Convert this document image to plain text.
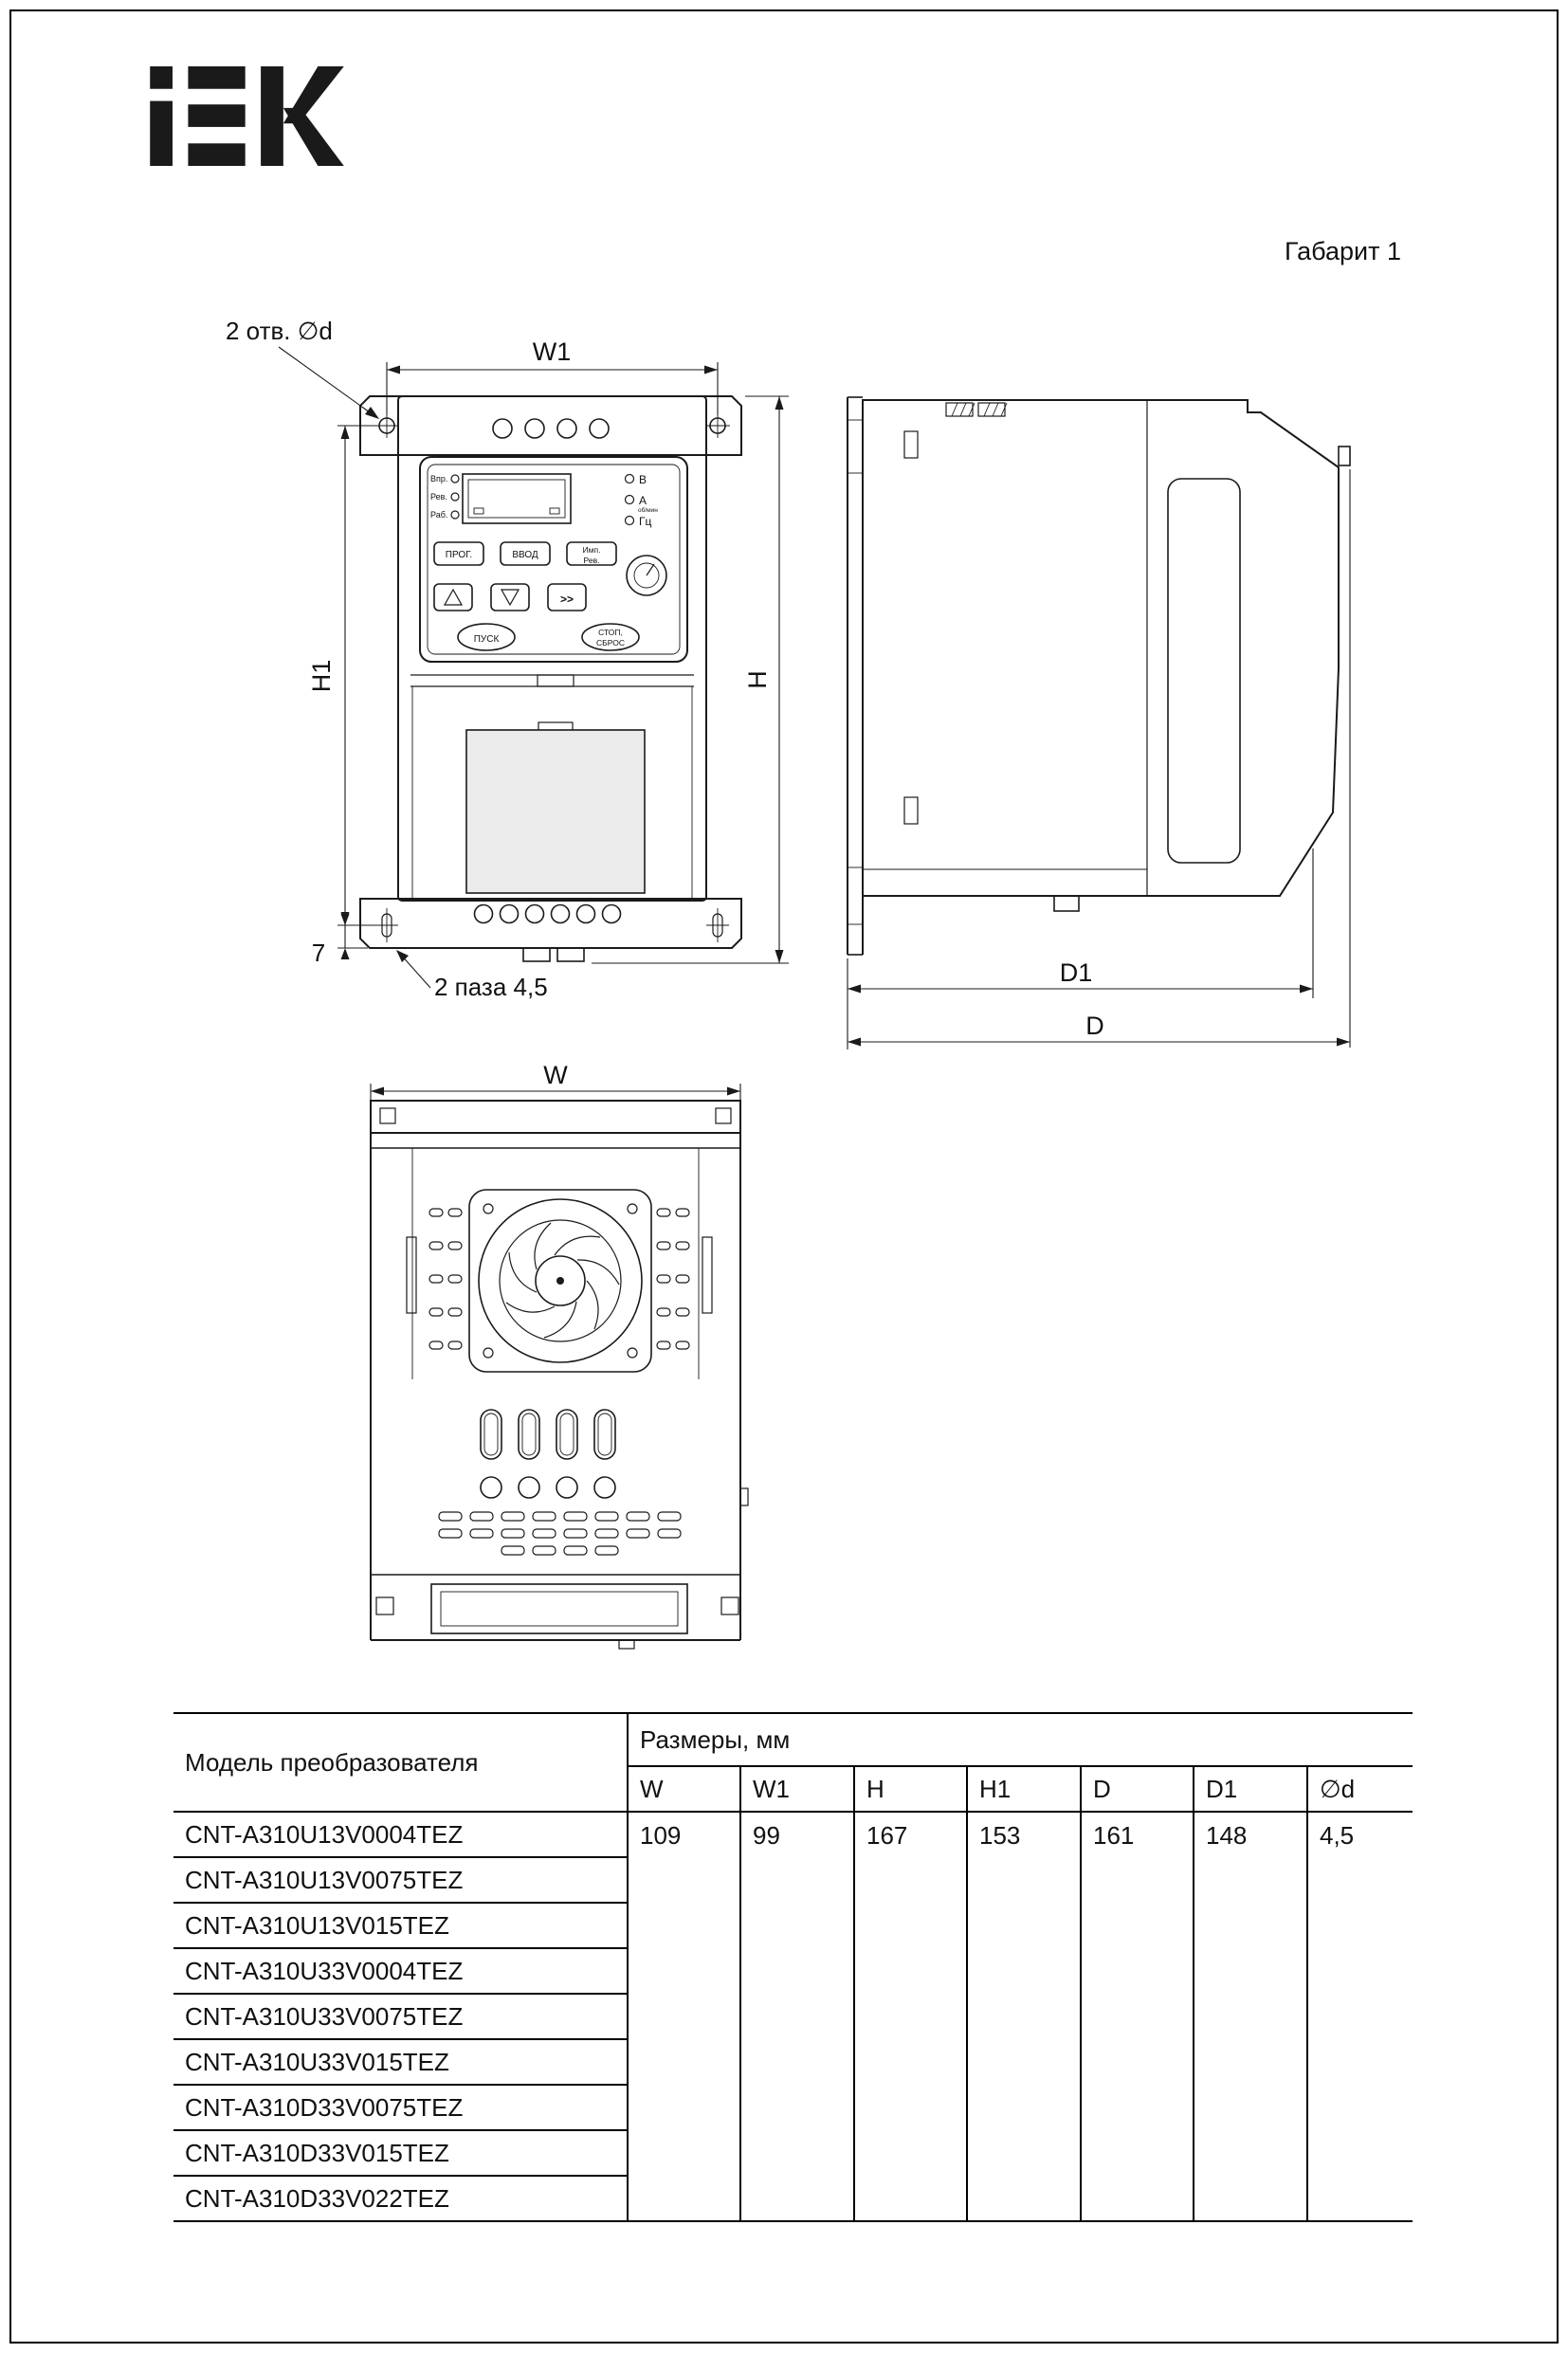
Габарит 1
2 отв. ∅d
W1
H1	H
7
2 паза 4,5
Впр.
Рев.
Раб.
В
А
об/мин
Гц
ПРОГ.	ВВОД	Имп.
Рев.
>>
ПУСК
СТОП,
СБРОС
D1
D
W
Модель преобразователя	Размеры, мм						
	W	W1	H	H1	D	D1	∅d
CNT-A310U13V0004TEZ	109	99	167	153	161	148	4,5
CNT-A310U13V0075TEZ							
CNT-A310U13V015TEZ							
CNT-A310U33V0004TEZ							
CNT-A310U33V0075TEZ							
CNT-A310U33V015TEZ							
CNT-A310D33V0075TEZ							
CNT-A310D33V015TEZ							
CNT-A310D33V022TEZ							
